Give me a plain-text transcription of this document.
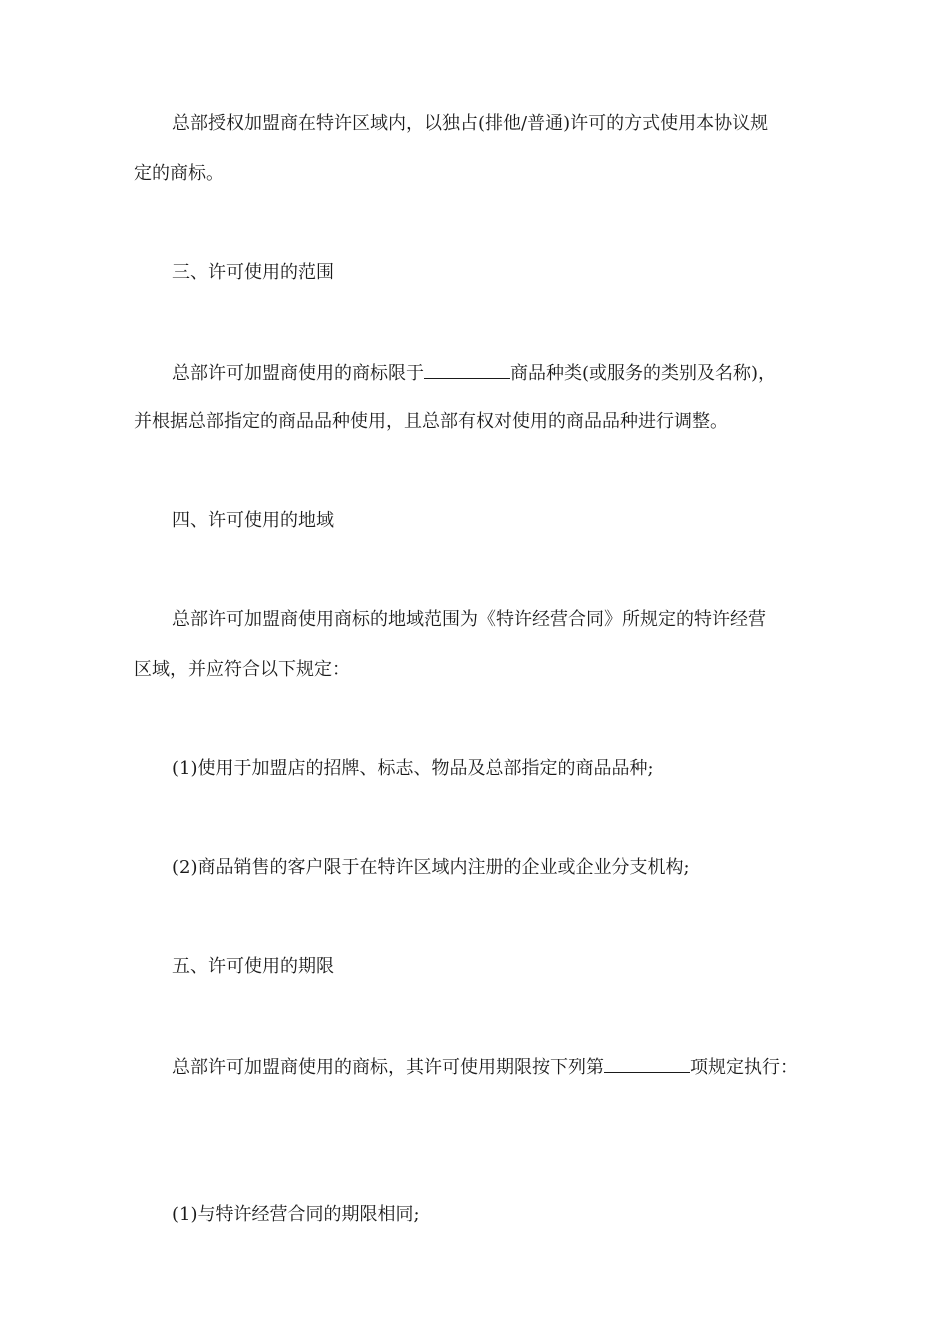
总部授权加盟商在特许区域内，以独占(排他/普通)许可的方式使用本协议规
定的商标。
三、许可使用的范围
总部许可加盟商使用的商标限于	商品种类(或服务的类别及名称)，
并根据总部指定的商品品种使用，且总部有权对使用的商品品种进行调整。
四、许可使用的地域
总部许可加盟商使用商标的地域范围为《特许经营合同》所规定的特许经营
区域，并应符合以下规定：
(1)使用于加盟店的招牌、标志、物品及总部指定的商品品种;
(2)商品销售的客户限于在特许区域内注册的企业或企业分支机构;
五、许可使用的期限
总部许可加盟商使用的商标，其许可使用期限按下列第	项规定执行：
(1)与特许经营合同的期限相同;
